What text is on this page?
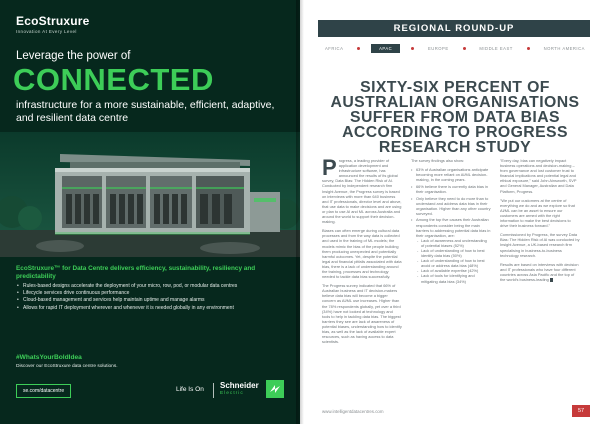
EcoStruxure
Innovation At Every Level
Leverage the power of
CONNECTED
infrastructure for a more sustainable, efficient, adaptive, and resilient data centre
EcoStruxure™ for Data Centre delivers efficiency, sustainability, resiliency and predictability
• Rules-based designs accelerate the deployment of your micro, row, pod, or modular data centres
• Lifecycle services drive continuous performance
• Cloud-based management and services help maintain uptime and manage alarms
• Allows for rapid IT deployment wherever and whenever it is needed globally in any environment
#WhatsYourBoldIdea
Discover our EcoStruxure data centre solutions.
se.com/datacentre	Life Is On Schneider
Electric
REGIONAL ROUND-UP
AFRICA	APAC	EUROPE	MIDDLE EAST	NORTH AMERICA
SIXTY-SIX PERCENT OF AUSTRALIAN ORGANISATIONS SUFFER FROM DATA BIAS ACCORDING TO PROGRESS RESEARCH STUDY

Progress, a leading provider of application development and infrastructure software, has announced the results of its global survey, Data Bias: The Hidden Risk of AI. Conducted by independent research firm Insight Avenue, the Progress survey is based on interviews with more than 640 business and IT professionals, director level and above, that use data to make decisions and are using or plan to use AI and ML across Australia and around the world to support their decision-making.

Biases can often emerge during cultural data processes and from the way data is collected and used in the training of ML models; the models mimic the bias of the people building them producing unexpected and potentially harmful outcomes. Yet, despite the potential legal and financial pitfalls associated with data bias, there is a lack of understanding around the training, processes and technology needed to tackle data bias successfully.

The Progress survey indicated that 66% of Australian business and IT decision-makers believe data bias will become a bigger concern as AI/ML use increases. Higher than the 78% respondents globally, yet over a third (34%) have not looked at technology and tools to help in tackling data bias. The biggest barriers they see are lack of awareness of potential biases, understanding how to identify bias, as well as the lack of available expert resources, such as having access to data scientists.

The survey findings also show:

• 63% of Australian organisations anticipate becoming more reliant on AI/ML decision-making, in the coming years.
• 66% believe there is currently data bias in their organisation.
• Only believe they need to do more than to understand and address data bias in their organisation. Higher than any other country surveyed.
• Among the top five causes their Australian respondents consider being the main barriers to addressing potential data bias in their organisation, are:
- Lack of awareness and understanding of potential biases (52%)
- Lack of understanding of how to best identify data bias (50%)
- Lack of understanding of how to best avoid or address data bias (48%)
- Lack of available expertise (42%)
- Lack of tools for identifying and mitigating data bias (34%)

"Every day, bias can negatively impact business operations and decision-making – from governance and lost customer trust to financial implications and potential legal and ethical exposure," said John Ainsworth, SVP and General Manager, Australian and Data Platform, Progress.

"We put our customers at the centre of everything we do and as we explore so that AI/ML can be an asset to ensure our customers are armed with the right information to make the best decisions to drive their business forward."

Commissioned by Progress, the survey Data Bias: The Hidden Risk of AI was conducted by Insight Avenue, a UK-based research firm specialising in business-to-business technology research.

Results are based on interviews with decision and IT professionals who have four different countries across Asia Pacific and the top of the world's business-leading

www.intelligentdatacentres.com	57
